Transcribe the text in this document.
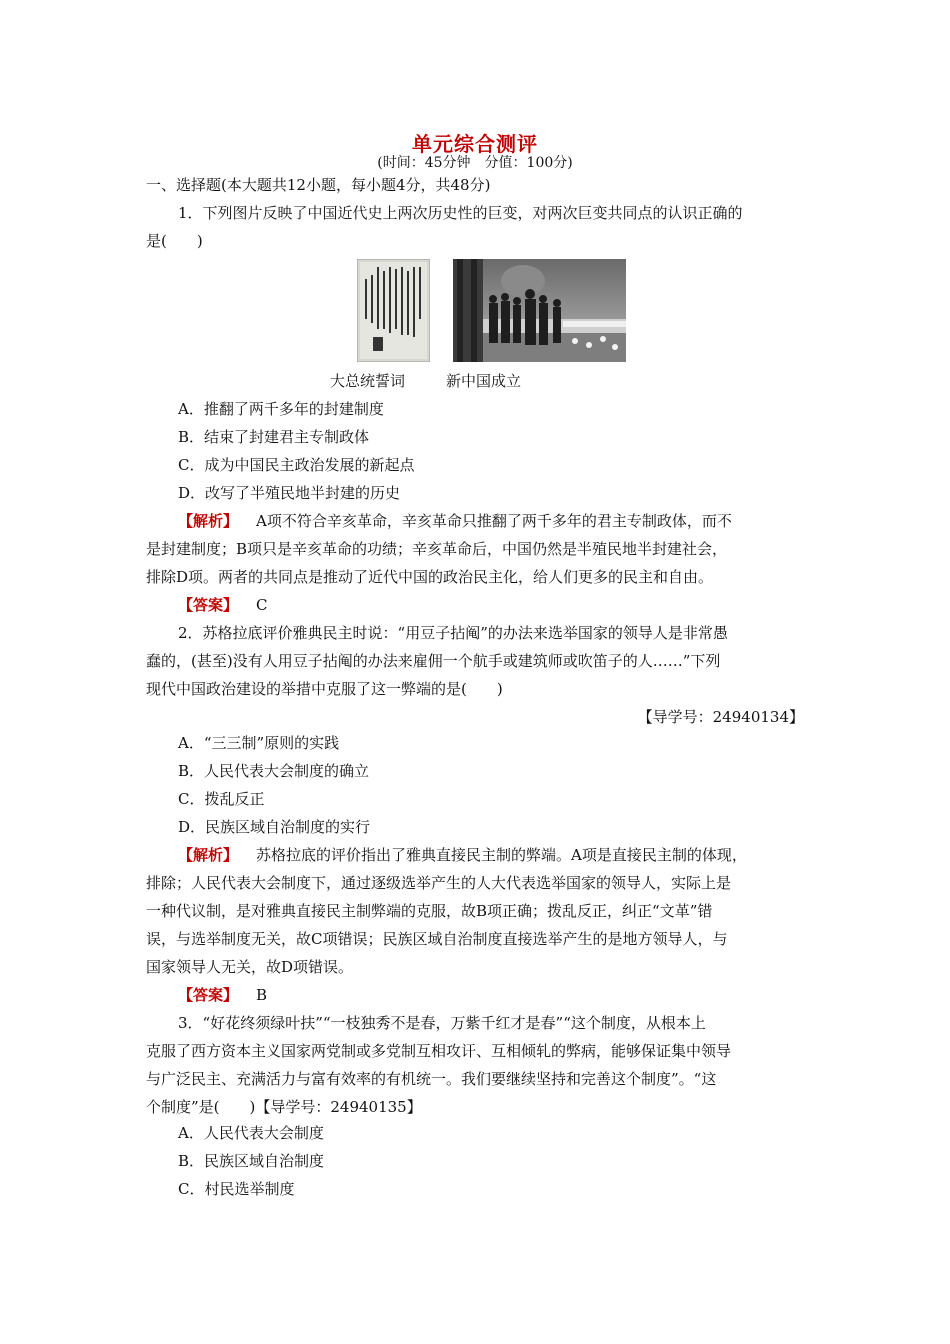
单元综合测评
(时间：45分钟　分值：100分)
一、选择题(本大题共12小题，每小题4分，共48分)
1．下列图片反映了中国近代史上两次历史性的巨变，对两次巨变共同点的认识正确的
是(　　)
大总统誓词	新中国成立
A．推翻了两千多年的封建制度
B．结束了封建君主专制政体
C．成为中国民主政治发展的新起点
D．改写了半殖民地半封建的历史
【解析】 A项不符合辛亥革命，辛亥革命只推翻了两千多年的君主专制政体，而不
是封建制度；B项只是辛亥革命的功绩；辛亥革命后，中国仍然是半殖民地半封建社会，
排除D项。两者的共同点是推动了近代中国的政治民主化，给人们更多的民主和自由。
【答案】 C
2．苏格拉底评价雅典民主时说：“用豆子拈阄”的办法来选举国家的领导人是非常愚
蠢的，(甚至)没有人用豆子拈阄的办法来雇佣一个航手或建筑师或吹笛子的人……”下列
现代中国政治建设的举措中克服了这一弊端的是(　　)
【导学号：24940134】
A．“三三制”原则的实践
B．人民代表大会制度的确立
C．拨乱反正
D．民族区域自治制度的实行
【解析】 苏格拉底的评价指出了雅典直接民主制的弊端。A项是直接民主制的体现，
排除；人民代表大会制度下，通过逐级选举产生的人大代表选举国家的领导人，实际上是
一种代议制，是对雅典直接民主制弊端的克服，故B项正确；拨乱反正，纠正“文革”错
误，与选举制度无关，故C项错误；民族区域自治制度直接选举产生的是地方领导人，与
国家领导人无关，故D项错误。
【答案】 B
3．“好花终须绿叶扶”“一枝独秀不是春，万紫千红才是春”“这个制度，从根本上
克服了西方资本主义国家两党制或多党制互相攻讦、互相倾轧的弊病，能够保证集中领导
与广泛民主、充满活力与富有效率的有机统一。我们要继续坚持和完善这个制度”。“这
个制度”是(　　)【导学号：24940135】
A．人民代表大会制度
B．民族区域自治制度
C．村民选举制度
